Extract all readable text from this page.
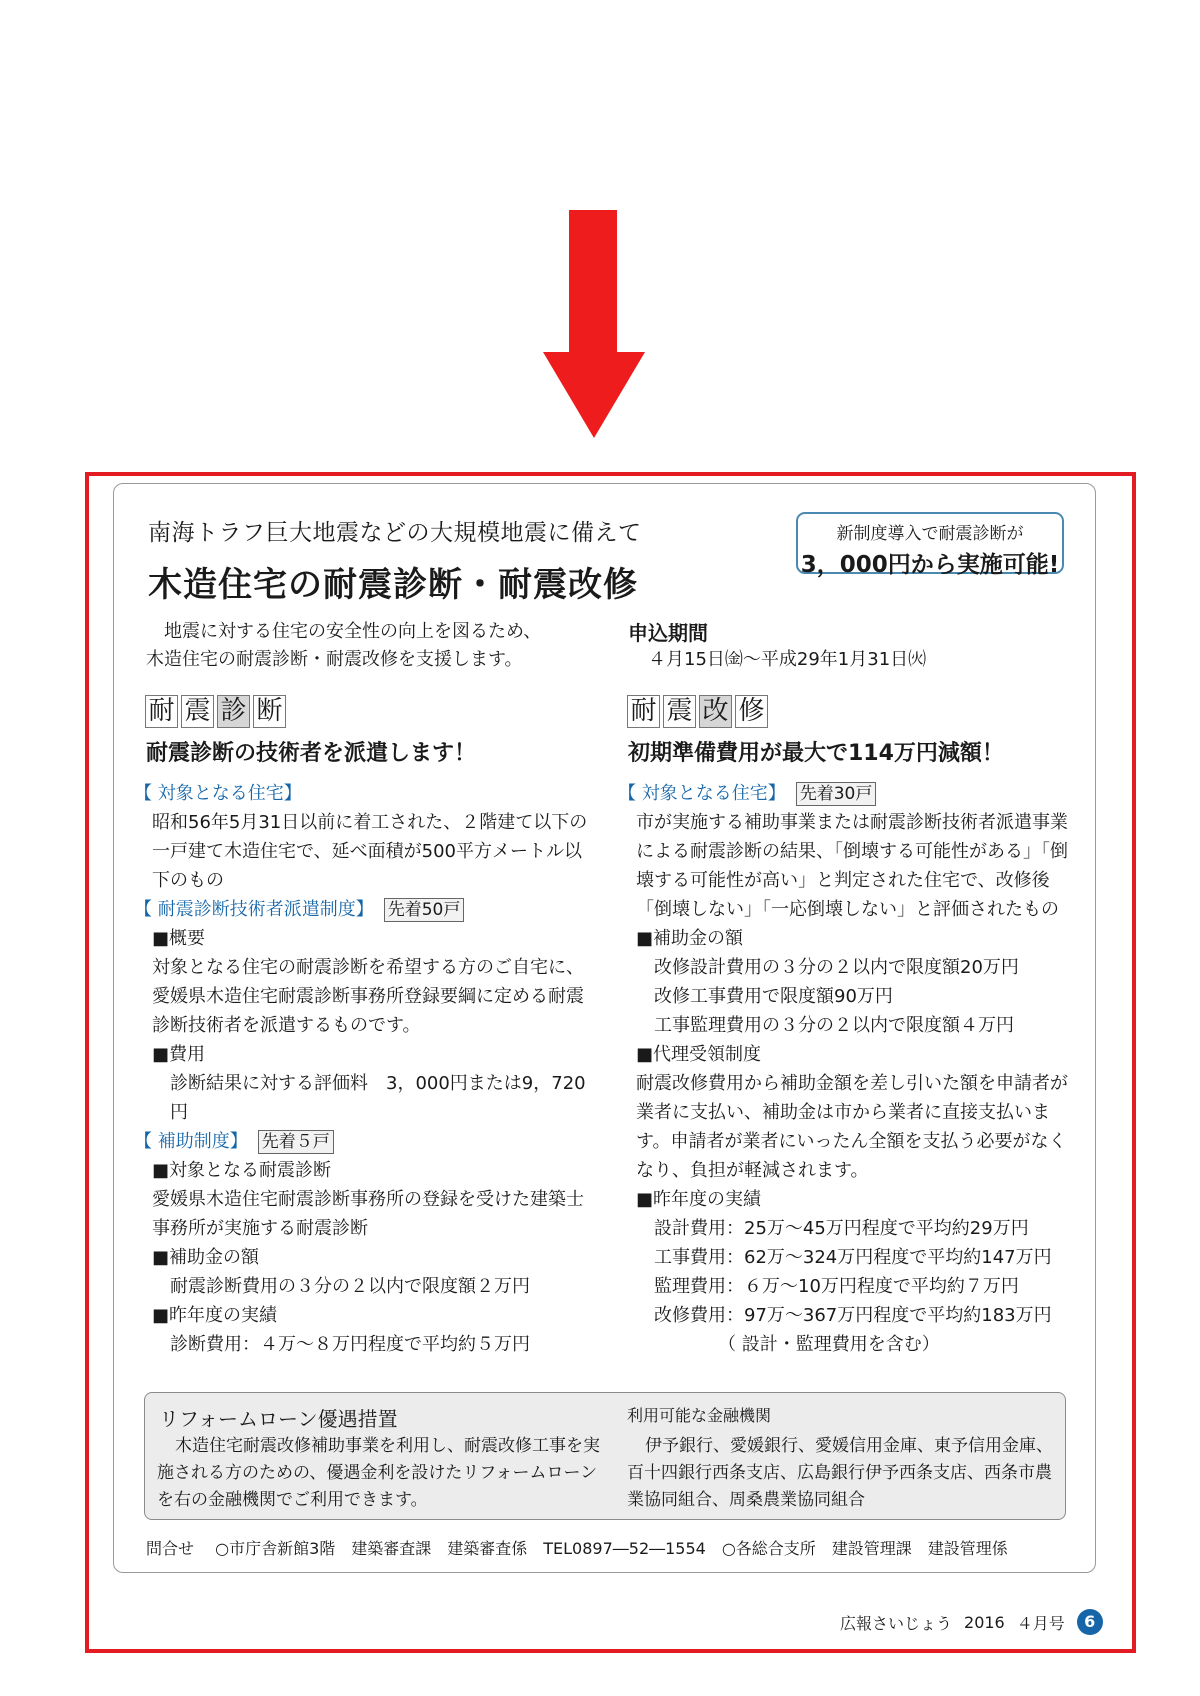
南海トラフ巨大地震などの大規模地震に備えて
木造住宅の耐震診断・耐震改修
新制度導入で耐震診断が
3，000円から実施可能!
地震に対する住宅の安全性の向上を図るため、
木造住宅の耐震診断・耐震改修を支援します。
申込期間
４月15日㈮～平成29年1月31日㈫
耐 震 診 断
耐震診断の技術者を派遣します！
耐 震 改 修
初期準備費用が最大で114万円減額！

【 対象となる住宅】

昭和56年5月31日以前に着工された、２階建て以下の一戸建て木造住宅で、延べ面積が500平方メートル以下のもの

【 耐震診断技術者派遣制度】 先着50戸

■概要

対象となる住宅の耐震診断を希望する方のご自宅に、愛媛県木造住宅耐震診断事務所登録要綱に定める耐震診断技術者を派遣するものです。

■費用

診断結果に対する評価料　3，000円または9，720円

【 補助制度】 先着５戸

■対象となる耐震診断

愛媛県木造住宅耐震診断事務所の登録を受けた建築士事務所が実施する耐震診断

■補助金の額

耐震診断費用の３分の２以内で限度額２万円

■昨年度の実績

診断費用：４万～８万円程度で平均約５万円

【 対象となる住宅】 先着30戸

市が実施する補助事業または耐震診断技術者派遣事業による耐震診断の結果、「倒壊する可能性がある」「倒壊する可能性が高い」と判定された住宅で、改修後「倒壊しない」「一応倒壊しない」と評価されたもの

■補助金の額

改修設計費用の３分の２以内で限度額20万円

改修工事費用で限度額90万円

工事監理費用の３分の２以内で限度額４万円

■代理受領制度

耐震改修費用から補助金額を差し引いた額を申請者が業者に支払い、補助金は市から業者に直接支払います。申請者が業者にいったん全額を支払う必要がなくなり、負担が軽減されます。

■昨年度の実績

設計費用：25万～45万円程度で平均約29万円

工事費用：62万～324万円程度で平均約147万円

監理費用：６万～10万円程度で平均約７万円

改修費用：97万～367万円程度で平均約183万円

（ 設計・監理費用を含む）

リフォームローン優遇措置
木造住宅耐震改修補助事業を利用し、耐震改修工事を実施される方のための、優遇金利を設けたリフォームローンを右の金融機関でご利用できます。
利用可能な金融機関
伊予銀行、愛媛銀行、愛媛信用金庫、東予信用金庫、百十四銀行西条支店、広島銀行伊予西条支店、西条市農業協同組合、周桑農業協同組合
問合せ ○市庁舎新館3階　建築審査課　建築審査係　TEL0897―52―1554　○各総合支所　建設管理課　建設管理係
広報さいじょう 2016 ４月号	6
